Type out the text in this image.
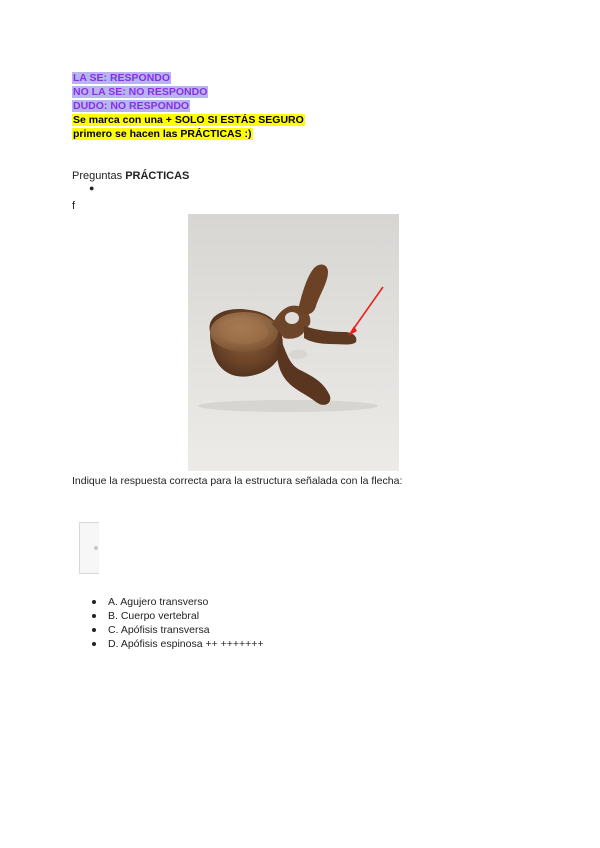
LA SE: RESPONDO
NO LA SE: NO RESPONDO
DUDO: NO RESPONDO
Se marca con una + SOLO SI ESTÁS SEGURO
primero se hacen las PRÁCTICAS :)
Preguntas PRÁCTICAS
●
f
Indique la respuesta correcta para la estructura señalada con la flecha:
A. Agujero transverso
B. Cuerpo vertebral
C. Apófisis transversa
D. Apófisis espinosa ++ +++++++
